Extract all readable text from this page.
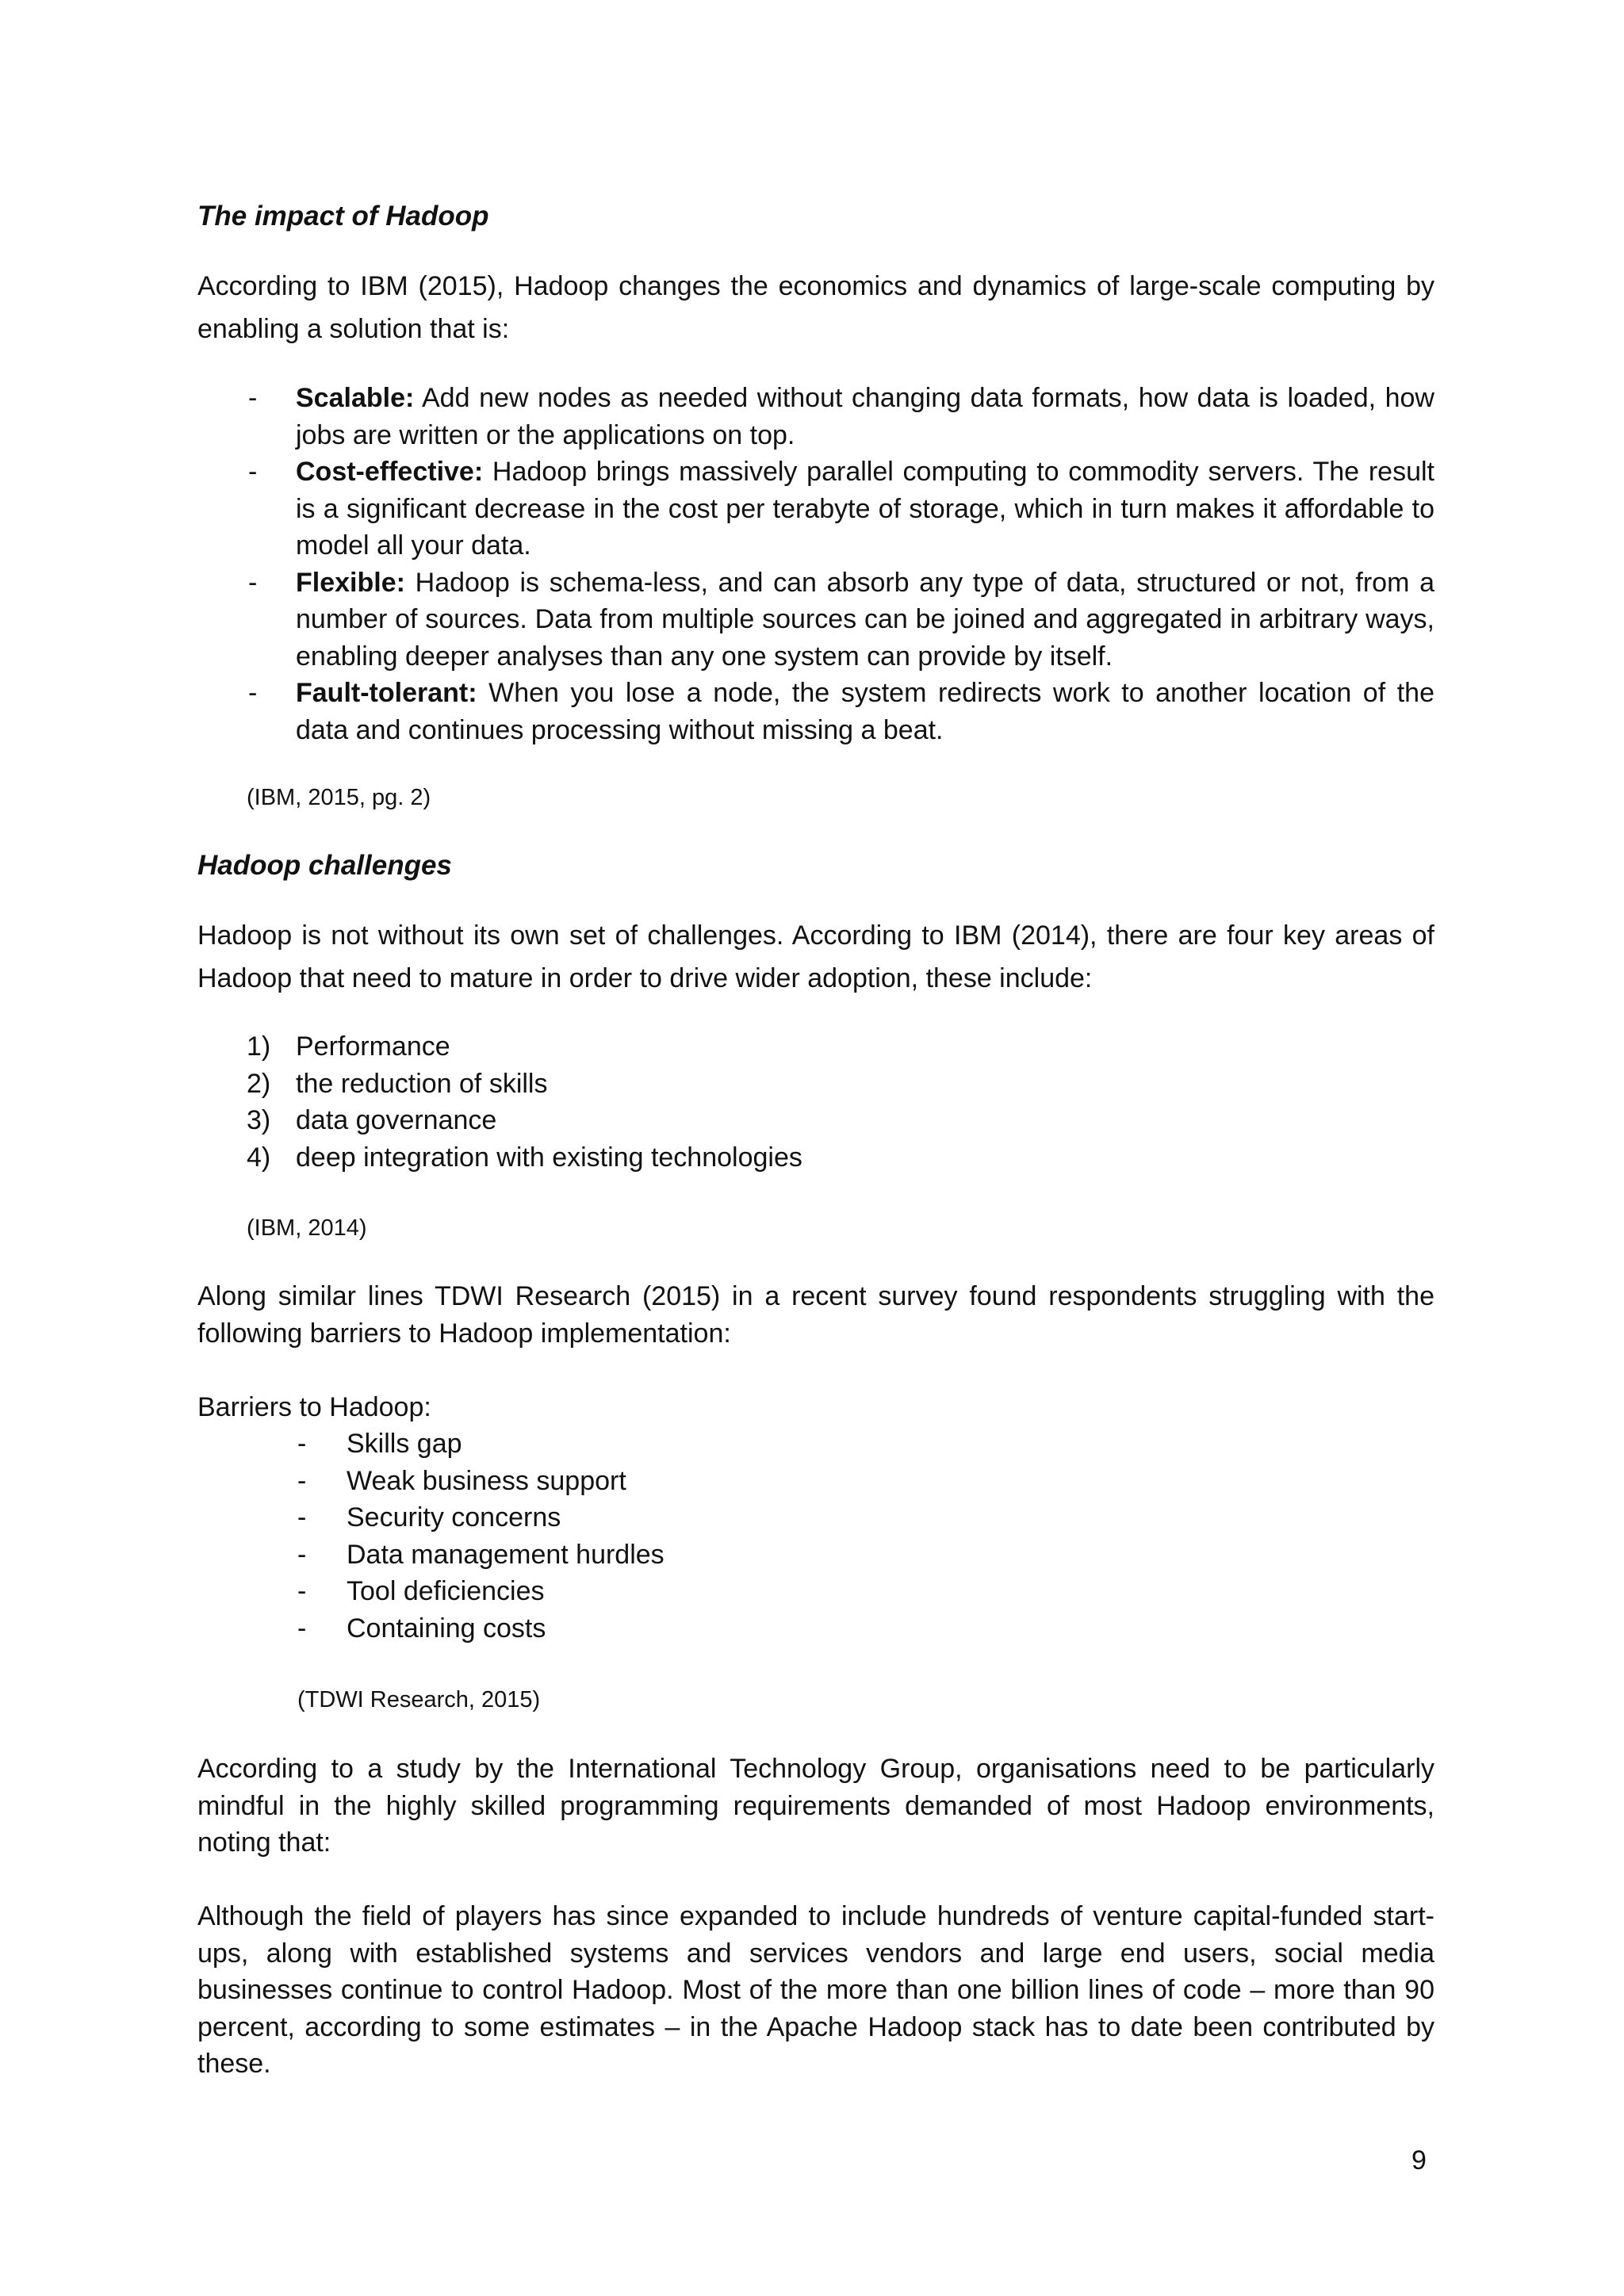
The impact of Hadoop

According to IBM (2015), Hadoop changes the economics and dynamics of large-scale computing by enabling a solution that is:

- Scalable: Add new nodes as needed without changing data formats, how data is loaded, how jobs are written or the applications on top.
- Cost-effective: Hadoop brings massively parallel computing to commodity servers. The result is a significant decrease in the cost per terabyte of storage, which in turn makes it affordable to model all your data.
- Flexible: Hadoop is schema-less, and can absorb any type of data, structured or not, from a number of sources. Data from multiple sources can be joined and aggregated in arbitrary ways, enabling deeper analyses than any one system can provide by itself.
- Fault-tolerant: When you lose a node, the system redirects work to another location of the data and continues processing without missing a beat.

(IBM, 2015, pg. 2)

Hadoop challenges

Hadoop is not without its own set of challenges. According to IBM (2014), there are four key areas of Hadoop that need to mature in order to drive wider adoption, these include:

1) Performance
2) the reduction of skills
3) data governance
4) deep integration with existing technologies

(IBM, 2014)

Along similar lines TDWI Research (2015) in a recent survey found respondents struggling with the following barriers to Hadoop implementation:

Barriers to Hadoop:

- Skills gap
- Weak business support
- Security concerns
- Data management hurdles
- Tool deficiencies
- Containing costs

(TDWI Research, 2015)

According to a study by the International Technology Group, organisations need to be particularly mindful in the highly skilled programming requirements demanded of most Hadoop environments, noting that:

Although the field of players has since expanded to include hundreds of venture capital-funded start-ups, along with established systems and services vendors and large end users, social media businesses continue to control Hadoop. Most of the more than one billion lines of code – more than 90 percent, according to some estimates – in the Apache Hadoop stack has to date been contributed by these.

9
